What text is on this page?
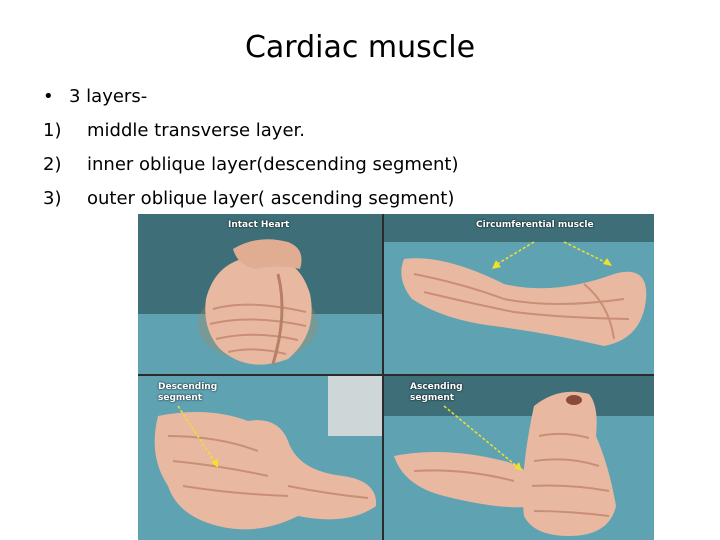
Cardiac muscle
• 3 layers-
1) middle transverse layer.
2) inner oblique layer(descending segment)
3) outer oblique layer( ascending segment)
Intact Heart	Circumferential muscle
Descending
segment
Ascending
segment
